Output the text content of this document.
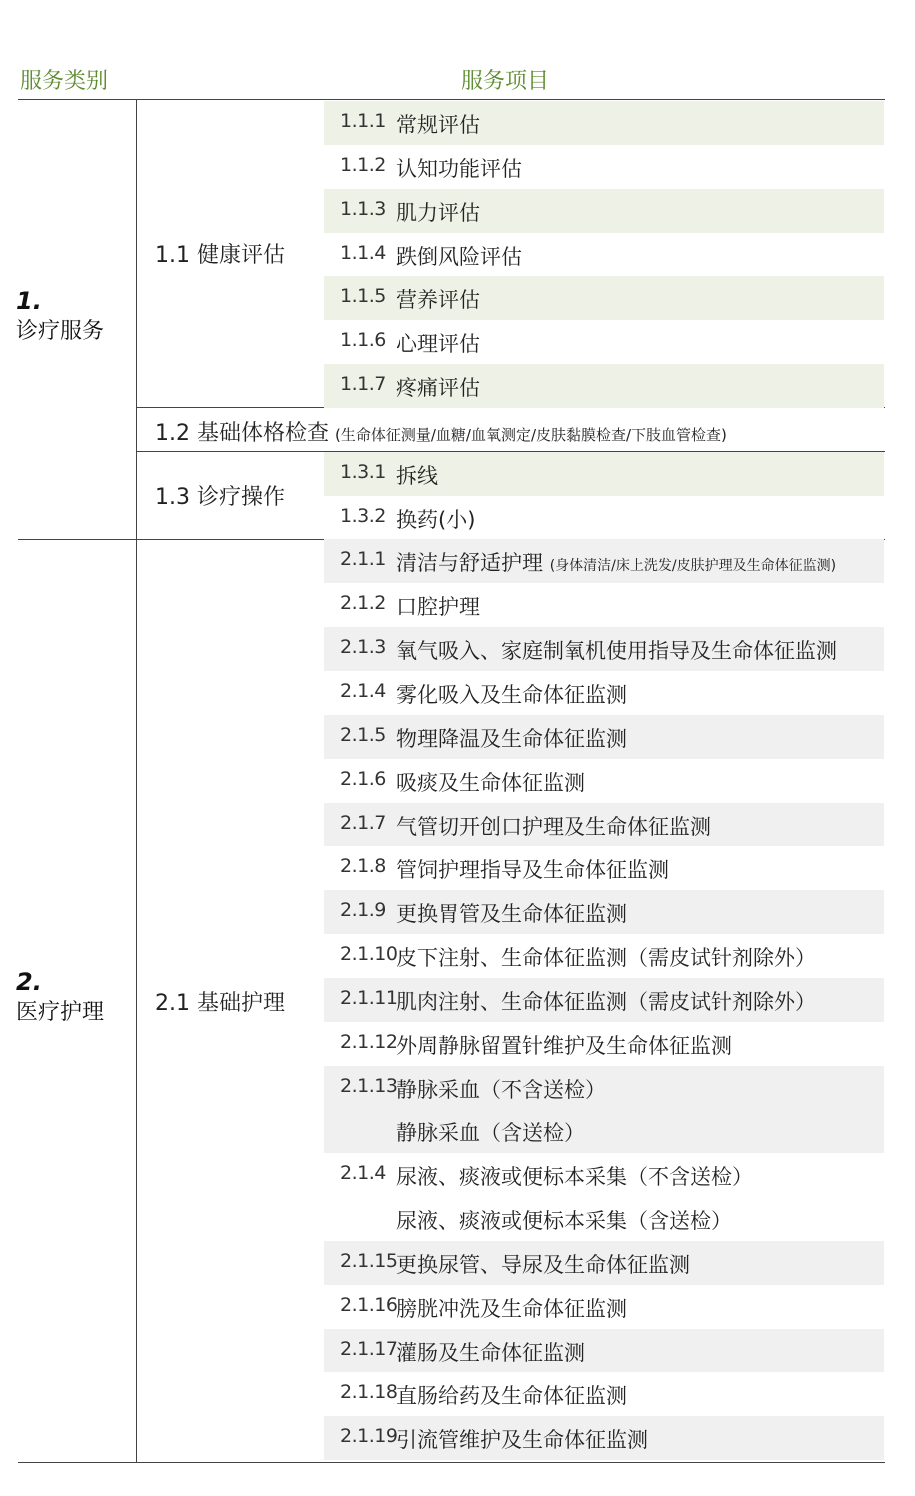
服务类别	服务项目
1.
诊疗服务
2.
医疗护理
1.1 健康评估
1.2 基础体格检查 (生命体征测量/血糖/血氧测定/皮肤黏膜检查/下肢血管检查)
1.3 诊疗操作
2.1 基础护理
1.1.1 常规评估
1.1.2 认知功能评估
1.1.3 肌力评估
1.1.4 跌倒风险评估
1.1.5 营养评估
1.1.6 心理评估
1.1.7 疼痛评估
1.3.1 拆线
1.3.2 换药(小)
2.1.1 清洁与舒适护理 (身体清洁/床上洗发/皮肤护理及生命体征监测)
2.1.2 口腔护理
2.1.3 氧气吸入、家庭制氧机使用指导及生命体征监测
2.1.4 雾化吸入及生命体征监测
2.1.5 物理降温及生命体征监测
2.1.6 吸痰及生命体征监测
2.1.7 气管切开创口护理及生命体征监测
2.1.8 管饲护理指导及生命体征监测
2.1.9 更换胃管及生命体征监测
2.1.10
皮下注射、生命体征监测（需皮试针剂除外）
2.1.11
肌肉注射、生命体征监测（需皮试针剂除外）
2.1.12
外周静脉留置针维护及生命体征监测
2.1.13
静脉采血（不含送检）
静脉采血（含送检）
2.1.4 尿液、痰液或便标本采集（不含送检）
尿液、痰液或便标本采集（含送检）
2.1.15
更换尿管、导尿及生命体征监测
2.1.16
膀胱冲洗及生命体征监测
2.1.17
灌肠及生命体征监测
2.1.18
直肠给药及生命体征监测
2.1.19
引流管维护及生命体征监测
